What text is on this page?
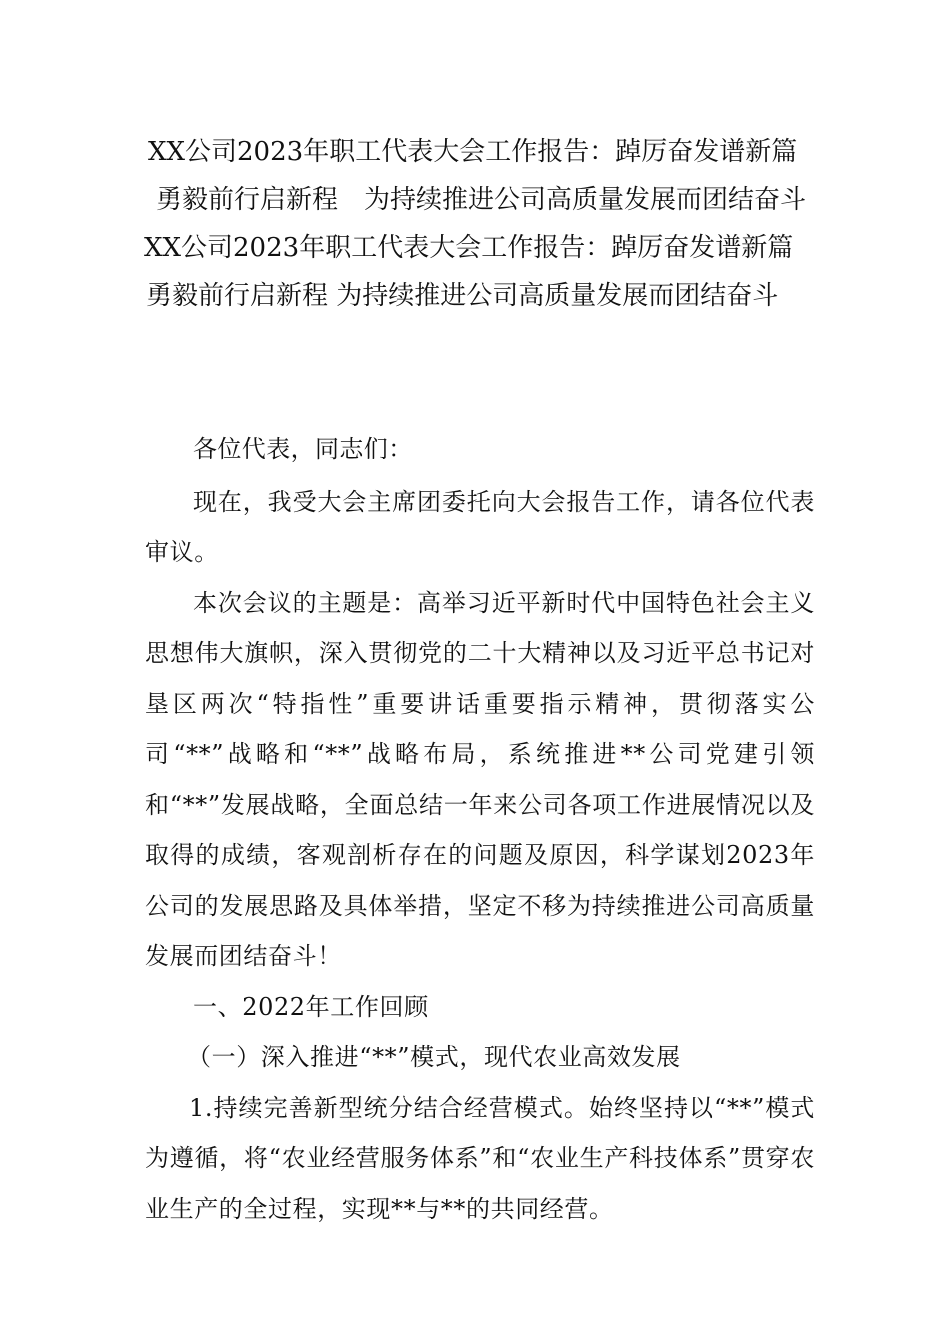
XX公司2023年职工代表大会工作报告：踔厉奋发谱新篇
勇毅前行启新程　为持续推进公司高质量发展而团结奋斗
XX公司2023年职工代表大会工作报告：踔厉奋发谱新篇
勇毅前行启新程 为持续推进公司高质量发展而团结奋斗

各位代表，同志们：

现在，我受大会主席团委托向大会报告工作，请各位代表审议。

本次会议的主题是：高举习近平新时代中国特色社会主义思想伟大旗帜，深入贯彻党的二十大精神以及习近平总书记对垦区两次“特指性”重要讲话重要指示精神，贯彻落实公司“**”战略和“**”战略布局，系统推进**公司党建引领和“**”发展战略，全面总结一年来公司各项工作进展情况以及取得的成绩，客观剖析存在的问题及原因，科学谋划2023年公司的发展思路及具体举措，坚定不移为持续推进公司高质量发展而团结奋斗！

一、2022年工作回顾

（一）深入推进“**”模式，现代农业高效发展

1.持续完善新型统分结合经营模式。始终坚持以“**”模式为遵循，将“农业经营服务体系”和“农业生产科技体系”贯穿农业生产的全过程，实现**与**的共同经营。
